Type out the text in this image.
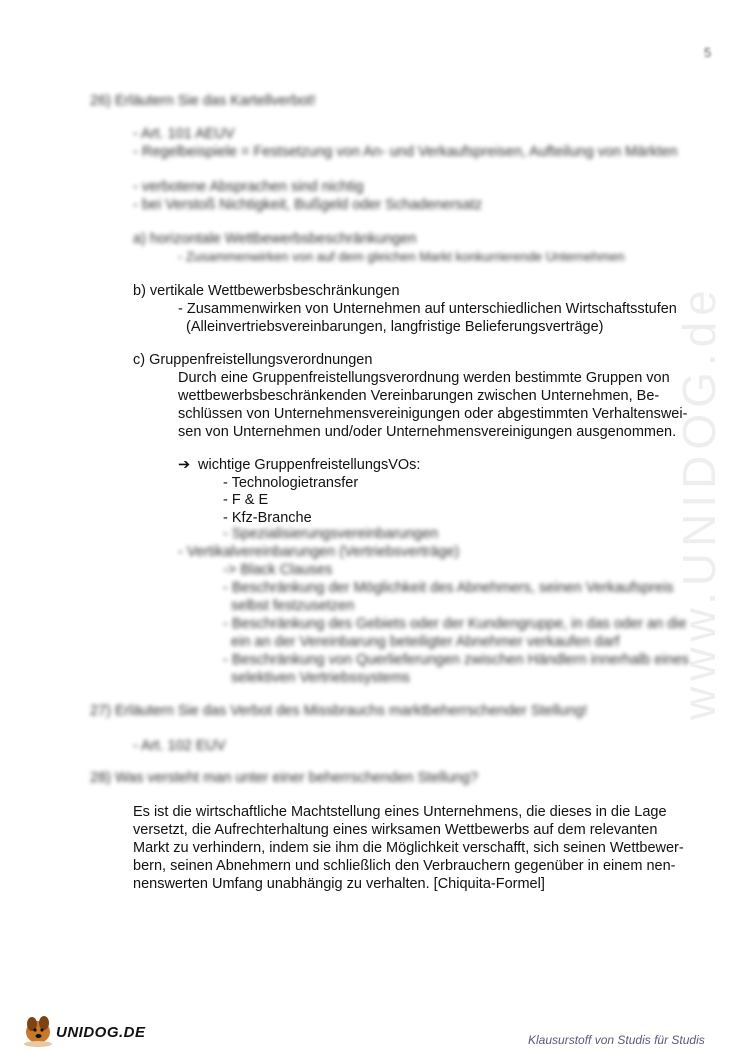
www.UNIDOG.de
5
26) Erläutern Sie das Kartellverbot!
- Art. 101 AEUV
- Regelbeispiele = Festsetzung von An- und Verkaufspreisen, Aufteilung von Märkten
- verbotene Absprachen sind nichtig
- bei Verstoß Nichtigkeit, Bußgeld oder Schadenersatz
a) horizontale Wettbewerbsbeschränkungen
- Zusammenwirken von auf dem gleichen Markt konkurrierende Unternehmen
b) vertikale Wettbewerbsbeschränkungen
- Zusammenwirken von Unternehmen auf unterschiedlichen Wirtschaftsstufen
(Alleinvertriebsvereinbarungen, langfristige Belieferungsverträge)
c) Gruppenfreistellungsverordnungen
Durch eine Gruppenfreistellungsverordnung werden bestimmte Gruppen von
wettbewerbsbeschränkenden Vereinbarungen zwischen Unternehmen, Be-
schlüssen von Unternehmensvereinigungen oder abgestimmten Verhaltenswei-
sen von Unternehmen und/oder Unternehmensvereinigungen ausgenommen.
➔ wichtige GruppenfreistellungsVOs:
- Technologietransfer
- F & E
- Kfz-Branche
- Spezialisierungsvereinbarungen
- Vertikalvereinbarungen (Vertriebsverträge)
-> Black Clauses
- Beschränkung der Möglichkeit des Abnehmers, seinen Verkaufspreis
selbst festzusetzen
- Beschränkung des Gebiets oder der Kundengruppe, in das oder an die
ein an der Vereinbarung beteiligter Abnehmer verkaufen darf
- Beschränkung von Querlieferungen zwischen Händlern innerhalb eines
selektiven Vertriebssystems
27) Erläutern Sie das Verbot des Missbrauchs marktbeherrschender Stellung!
- Art. 102 EUV
28) Was versteht man unter einer beherrschenden Stellung?
Es ist die wirtschaftliche Machtstellung eines Unternehmens, die dieses in die Lage
versetzt, die Aufrechterhaltung eines wirksamen Wettbewerbs auf dem relevanten
Markt zu verhindern, indem sie ihm die Möglichkeit verschafft, sich seinen Wettbewer-
bern, seinen Abnehmern und schließlich den Verbrauchern gegenüber in einem nen-
nenswerten Umfang unabhängig zu verhalten. [Chiquita-Formel]
UNIDOG.DE	Klausurstoff von Studis für Studis
